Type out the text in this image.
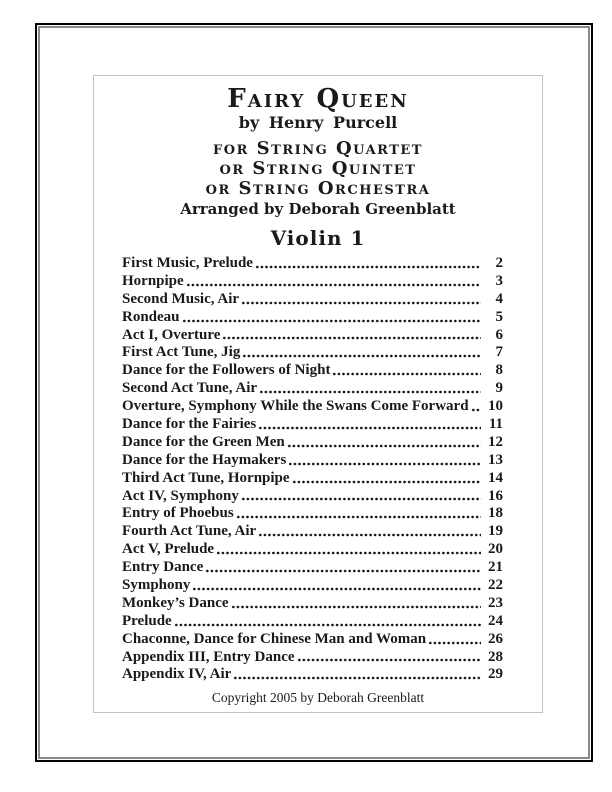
Fairy Queen
by Henry Purcell
for String Quartet
or String Quintet
or String Orchestra
Arranged by Deborah Greenblatt
Violin 1
First Music, Prelude	2
Hornpipe	3
Second Music, Air	4
Rondeau	5
Act I, Overture	6
First Act Tune, Jig	7
Dance for the Followers of Night	8
Second Act Tune, Air	9
Overture, Symphony While the Swans Come Forward 10
Dance for the Fairies	11
Dance for the Green Men	12
Dance for the Haymakers	13
Third Act Tune, Hornpipe	14
Act IV, Symphony	16
Entry of Phoebus	18
Fourth Act Tune, Air	19
Act V, Prelude	20
Entry Dance	21
Symphony	22
Monkey’s Dance	23
Prelude	24
Chaconne, Dance for Chinese Man and Woman	26
Appendix III, Entry Dance	28
Appendix IV, Air	29
Copyright 2005 by Deborah Greenblatt
